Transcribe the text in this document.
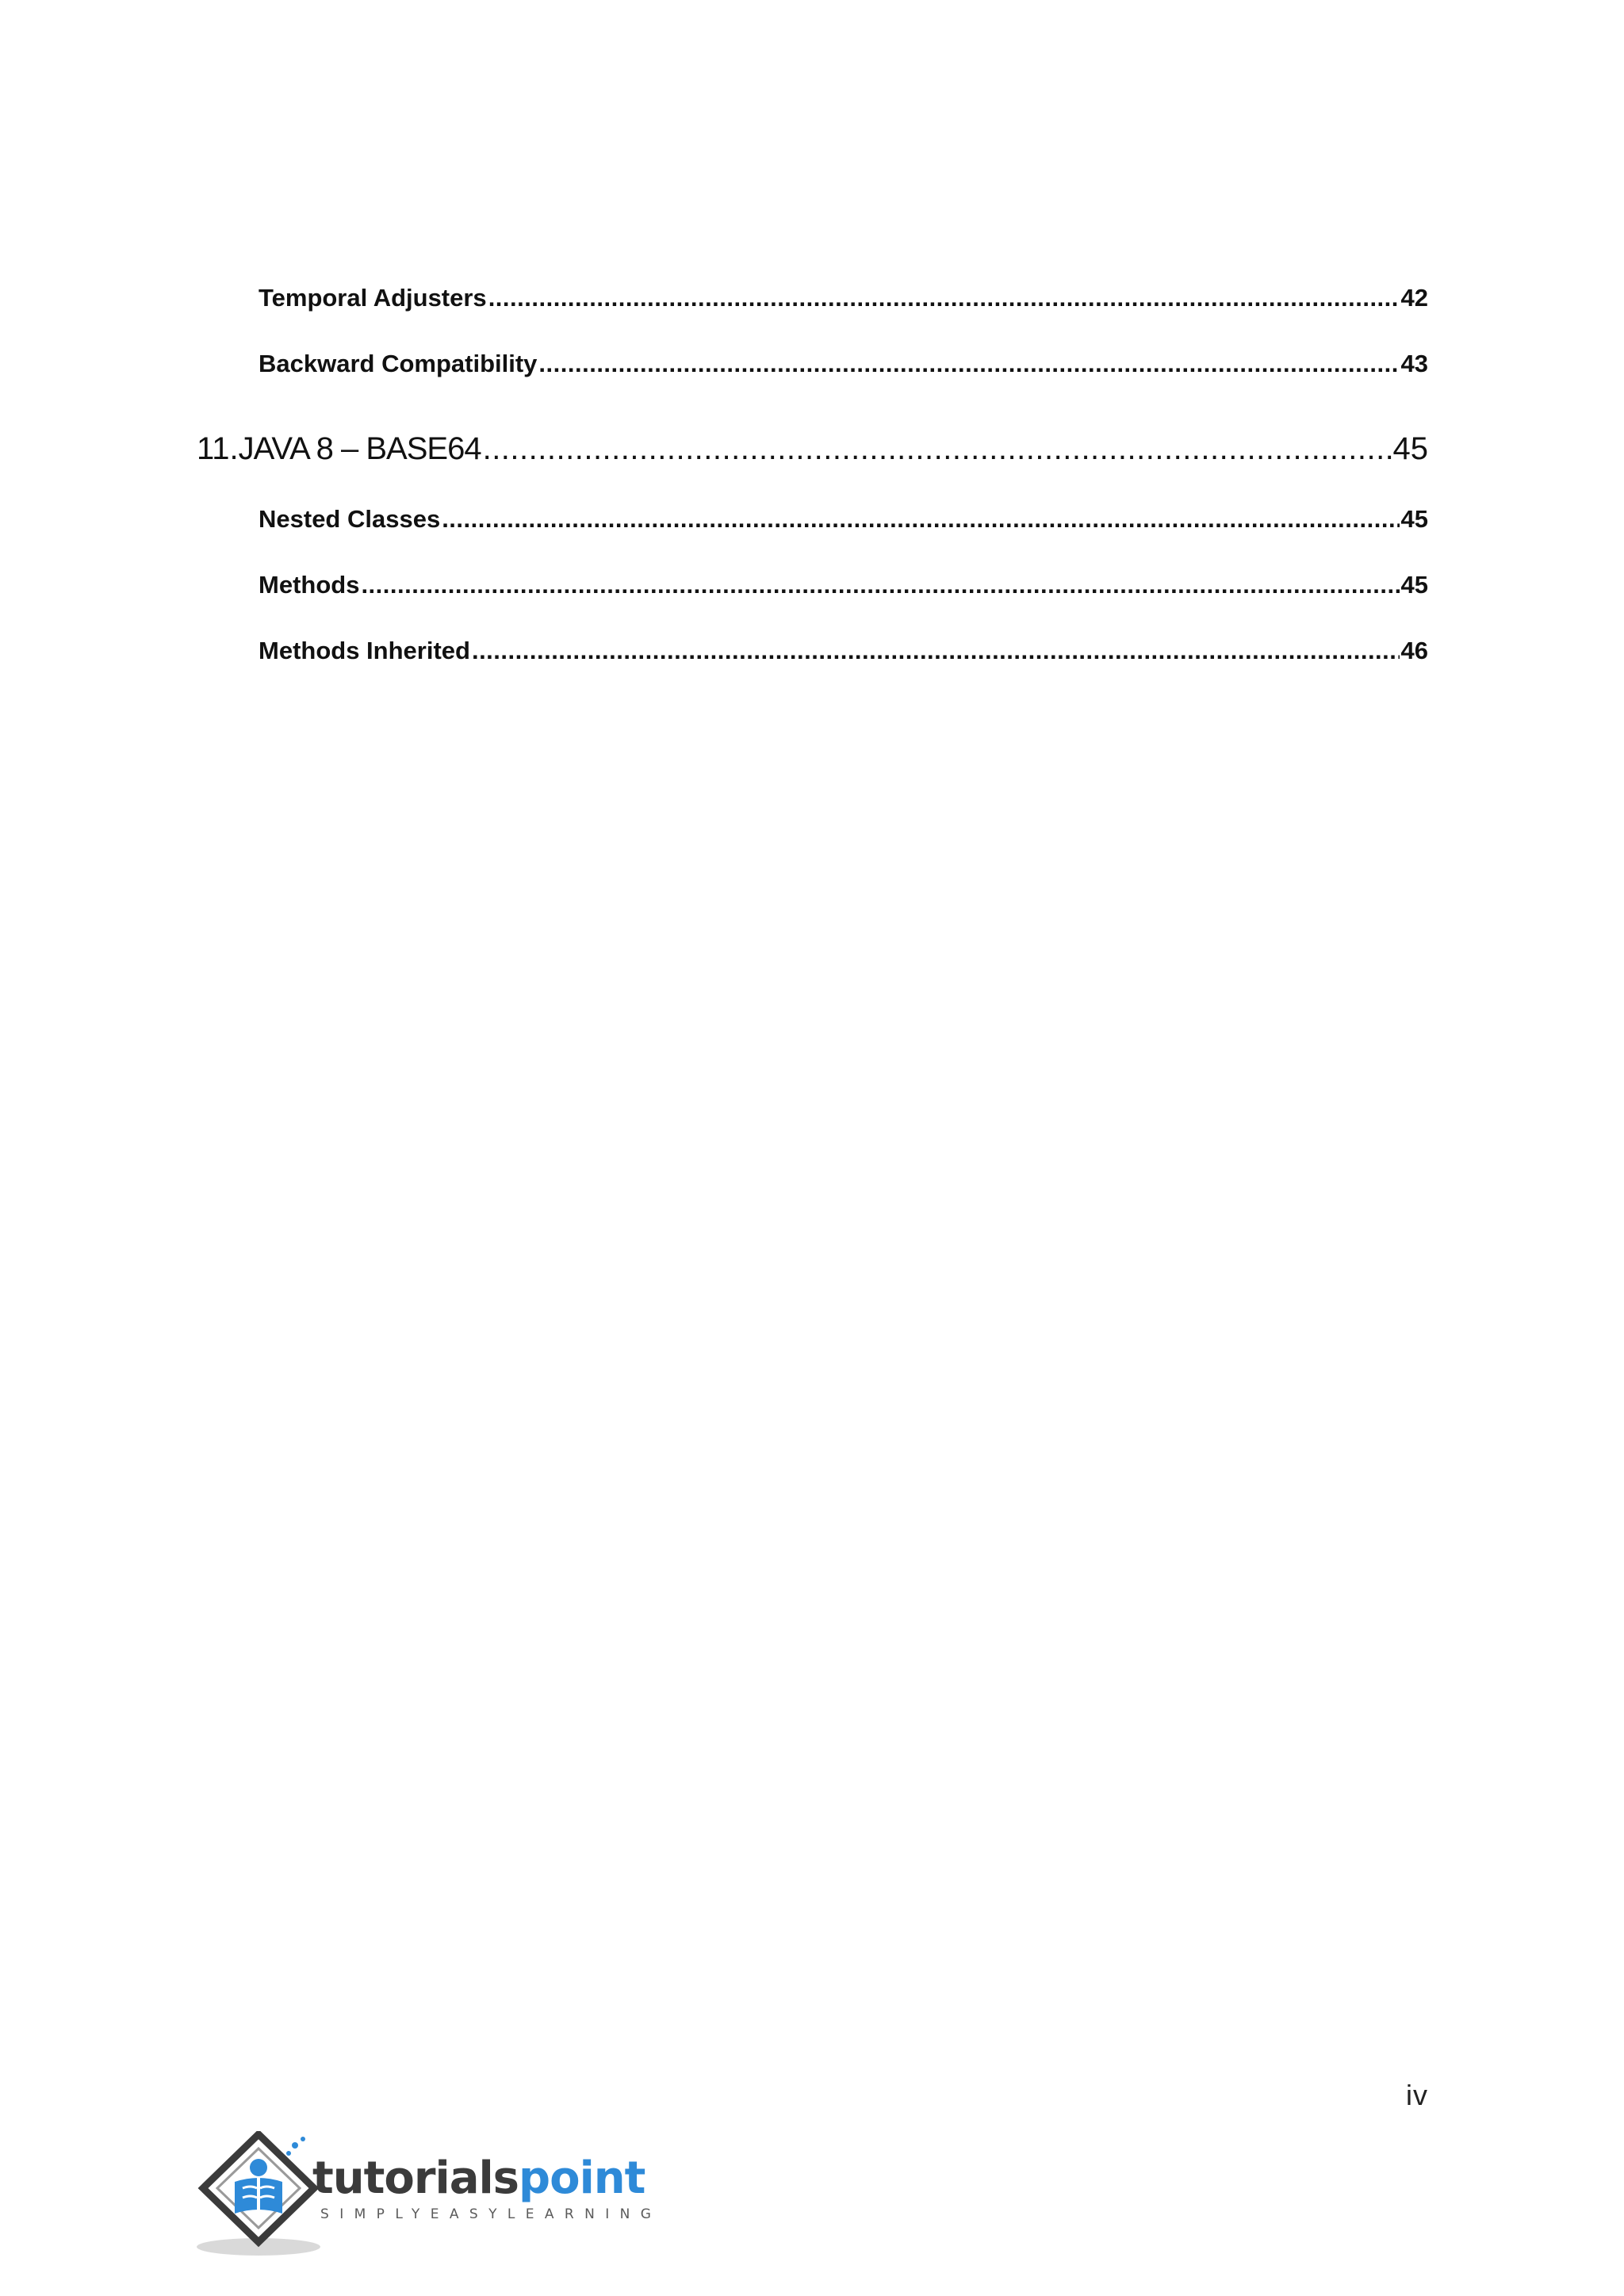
Temporal Adjusters .....	42
Backward Compatibility .....	43
11. JAVA 8 – BASE64 .....	45
Nested Classes .....	45
Methods .....	45
Methods Inherited .....	46
iv
tutorialspoint
SIMPLYEASYLEARNING
